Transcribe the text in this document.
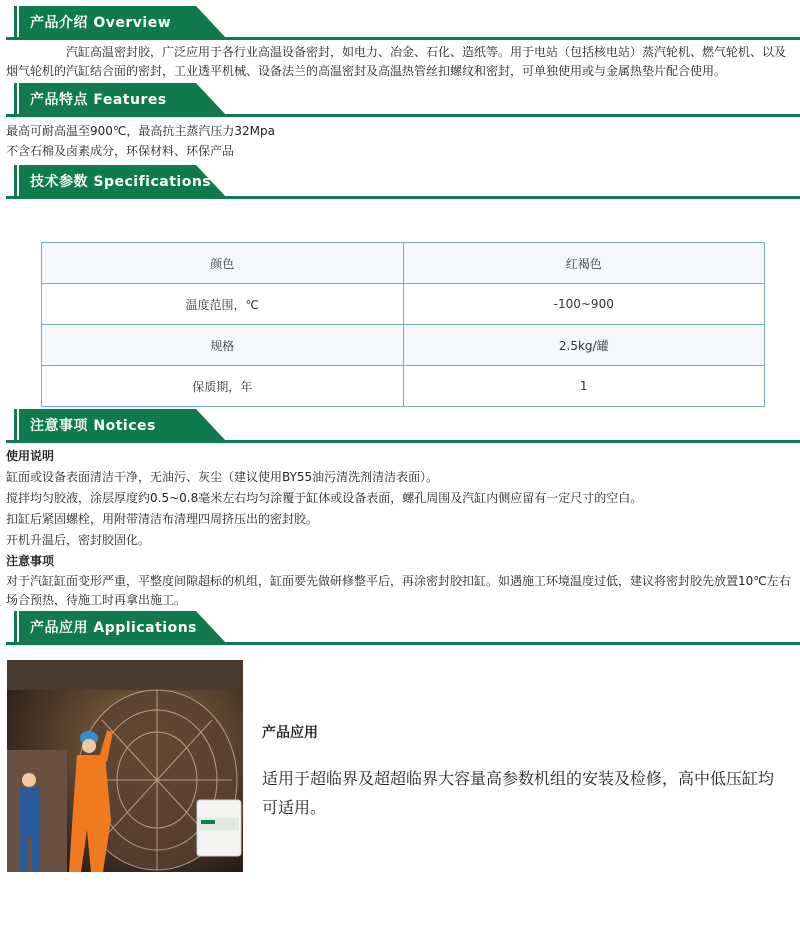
产品介绍 Overview
汽缸高温密封胶，广泛应用于各行业高温设备密封，如电力、冶金、石化、造纸等。用于电站（包括核电站）蒸汽轮机、燃气轮机、以及烟气轮机的汽缸结合面的密封，工业透平机械、设备法兰的高温密封及高温热管丝扣螺纹和密封，可单独使用或与金属热垫片配合使用。
产品特点 Features
最高可耐高温至900℃，最高抗主蒸汽压力32Mpa
不含石棉及卤素成分，环保材料、环保产品
技术参数 Specifications
颜色	红褐色
温度范围，℃	-100~900
规格	2.5kg/罐
保质期，年	1
注意事项 Notices
使用说明
缸面或设备表面清洁干净，无油污、灰尘（建议使用BY55油污清洗剂清洁表面）。
搅拌均匀胶液，涂层厚度约0.5~0.8毫米左右均匀涂覆于缸体或设备表面，螺孔周围及汽缸内侧应留有一定尺寸的空白。
扣缸后紧固螺栓，用附带清洁布清理四周挤压出的密封胶。
开机升温后，密封胶固化。
注意事项
对于汽缸缸面变形严重，平整度间隙超标的机组，缸面要先做研修整平后，再涂密封胶扣缸。如遇施工环境温度过低，建议将密封胶先放置10℃左右场合预热，待施工时再拿出施工。
产品应用 Applications
产品应用
适用于超临界及超超临界大容量高参数机组的安装及检修，高中低压缸均可适用。
